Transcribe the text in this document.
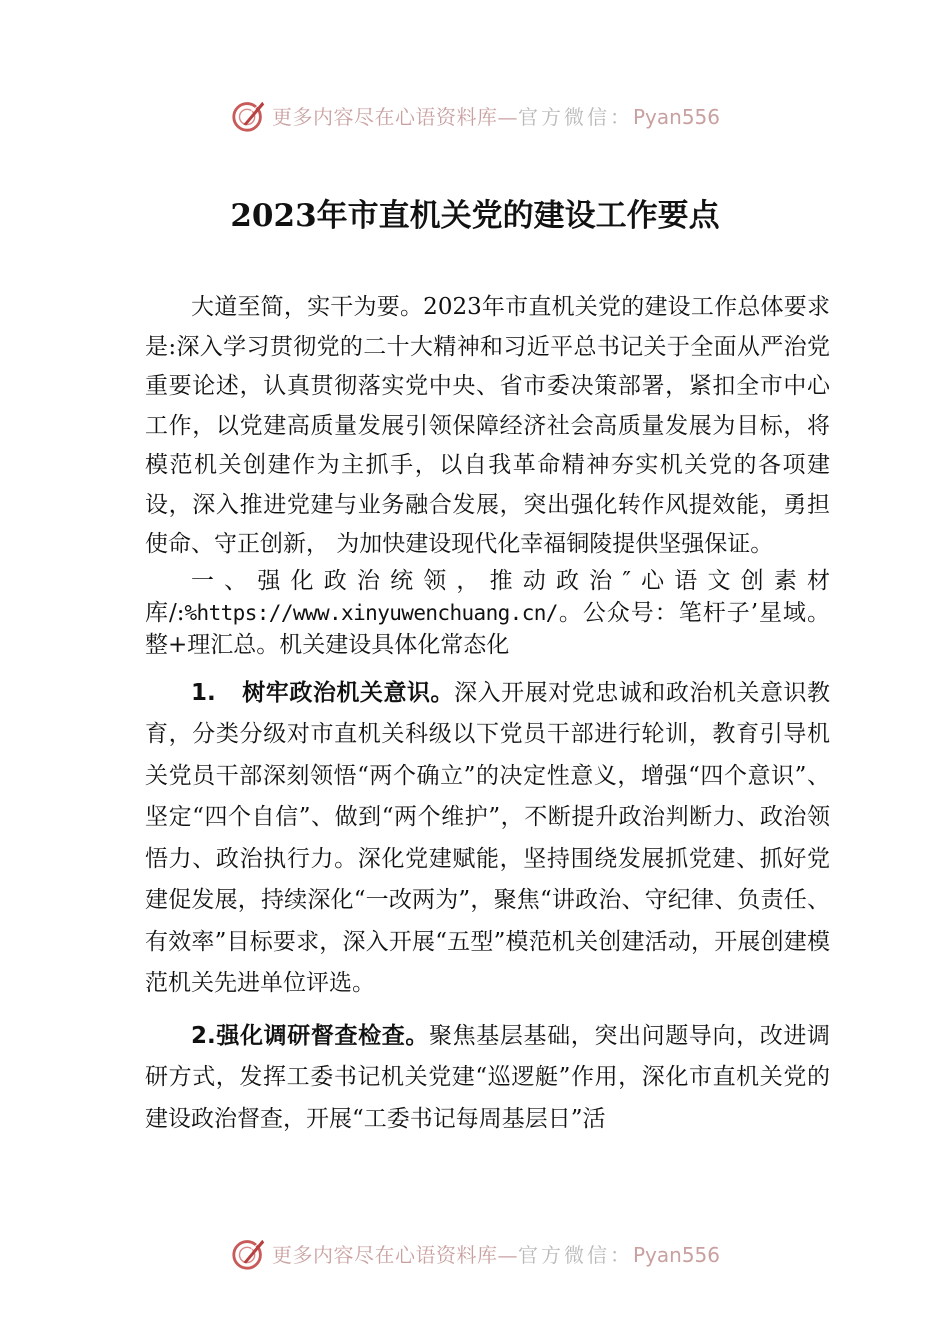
更多内容尽在心语资料库—官方微信：Pyan556
2023年市直机关党的建设工作要点

大道至简，实干为要。2023年市直机关党的建设工作总体要求是:深入学习贯彻党的二十大精神和习近平总书记关于全面从严治党重要论述，认真贯彻落实党中央、省市委决策部署，紧扣全市中心工作，以党建高质量发展引领保障经济社会高质量发展为目标，将模范机关创建作为主抓手，以自我革命精神夯实机关党的各项建设，深入推进党建与业务融合发展，突出强化转作风提效能，勇担使命、守正创新， 为加快建设现代化幸福铜陵提供坚强保证。

一、强化政治统领，推动政治″心语文创素材库/:%https://www.xinyuwenchuang.cn/。公众号：笔杆子’星域。整+理汇总。机关建设具体化常态化

1. 树牢政治机关意识。深入开展对党忠诚和政治机关意识教育，分类分级对市直机关科级以下党员干部进行轮训，教育引导机关党员干部深刻领悟“两个确立”的决定性意义，增强“四个意识”、坚定“四个自信”、做到“两个维护”，不断提升政治判断力、政治领悟力、政治执行力。深化党建赋能，坚持围绕发展抓党建、抓好党建促发展，持续深化“一改两为”，聚焦“讲政治、守纪律、负责任、有效率”目标要求，深入开展“五型”模范机关创建活动，开展创建模范机关先进单位评选。

2.强化调研督查检查。聚焦基层基础，突出问题导向，改进调研方式，发挥工委书记机关党建“巡逻艇”作用，深化市直机关党的建设政治督查，开展“工委书记每周基层日”活

更多内容尽在心语资料库—官方微信：Pyan556
